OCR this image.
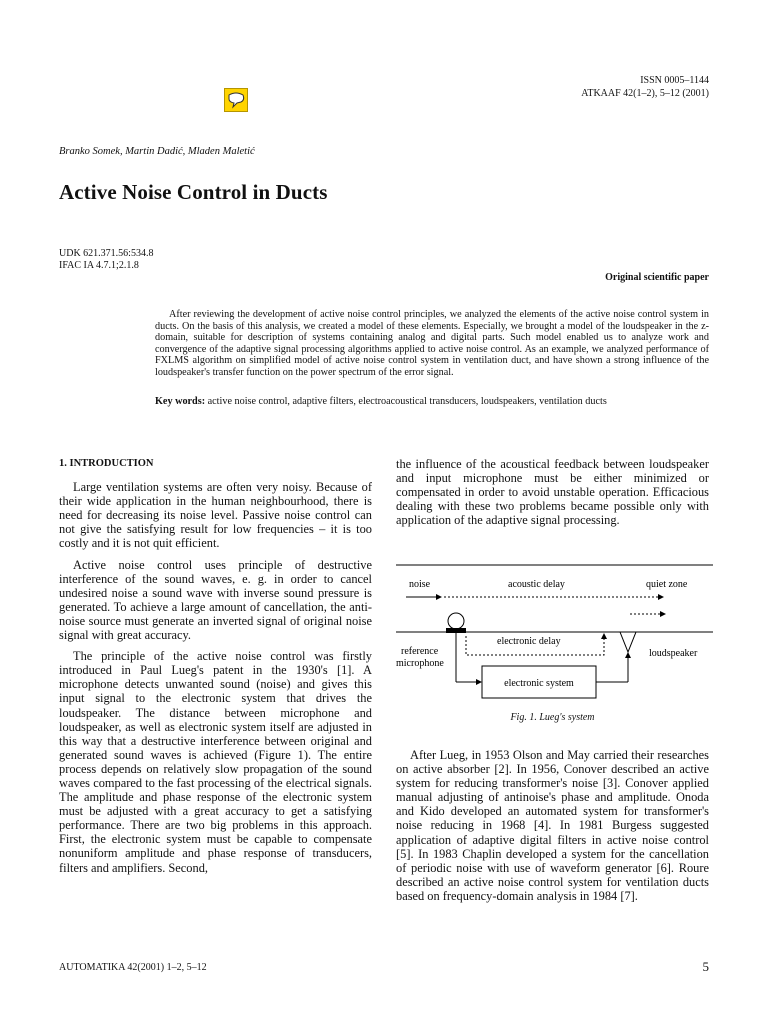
ISSN 0005–1144
ATKAAF 42(1–2), 5–12 (2001)
Branko Somek, Martin Dadić, Mladen Maletić
Active Noise Control in Ducts
UDK 621.371.56:534.8
IFAC IA 4.7.1;2.1.8
Original scientific paper

After reviewing the development of active noise control principles, we analyzed the elements of the active noise control system in ducts. On the basis of this analysis, we created a model of these elements. Especially, we brought a model of the loudspeaker in the z-domain, suitable for description of systems containing analog and digital parts. Such model enabled us to analyze work and convergence of the adaptive signal processing algorithms applied to active noise control. As an example, we analyzed performance of FXLMS algorithm on simplified model of active noise control system in ventilation duct, and have shown a strong influence of the loudspeaker's transfer function on the power spectrum of the error signal.

Key words: active noise control, adaptive filters, electroacoustical transducers, loudspeakers, ventilation ducts
1. INTRODUCTION

Large ventilation systems are often very noisy. Because of their wide application in the human neighbourhood, there is need for decreasing its noise level. Passive noise control can not give the satisfying result for low frequencies – it is too costly and it is not quit efficient.

Active noise control uses principle of destructive interference of the sound waves, e. g. in order to cancel undesired noise a sound wave with inverse sound pressure is generated. To achieve a large amount of cancellation, the anti-noise source must generate an inverted signal of original noise signal with great accuracy.

The principle of the active noise control was firstly introduced in Paul Lueg's patent in the 1930's [1]. A microphone detects unwanted sound (noise) and gives this input signal to the electronic system that drives the loudspeaker. The distance between microphone and loudspeaker, as well as electronic system itself are adjusted in this way that a destructive interference between original and generated sound waves is achieved (Figure 1). The entire process depends on relatively slow propagation of the sound waves compared to the fast processing of the electrical signals. The amplitude and phase response of the electronic system must be adjusted with a great accuracy to get a satisfying performance. There are two big problems in this approach. First, the electronic system must be capable to compensate nonuniform amplitude and phase response of transducers, filters and amplifiers. Second,

the influence of the acoustical feedback between loudspeaker and input microphone must be either minimized or compensated in order to avoid unstable operation. Efficacious dealing with these two problems became possible only with application of the adaptive signal processing.

noise	acoustic delay	quiet zone
electronic delay
reference
microphone
loudspeaker
electronic system
Fig. 1. Lueg's system

After Lueg, in 1953 Olson and May carried their researches on active absorber [2]. In 1956, Conover described an active system for reducing transformer's noise [3]. Conover applied manual adjusting of antinoise's phase and amplitude. Onoda and Kido developed an automated system for transformer's noise reducing in 1968 [4]. In 1981 Burgess suggested application of adaptive digital filters in active noise control [5]. In 1983 Chaplin developed a system for the cancellation of periodic noise with use of waveform generator [6]. Roure described an active noise control system for ventilation ducts based on frequency-domain analysis in 1984 [7].

AUTOMATIKA 42(2001) 1–2, 5–12	5
